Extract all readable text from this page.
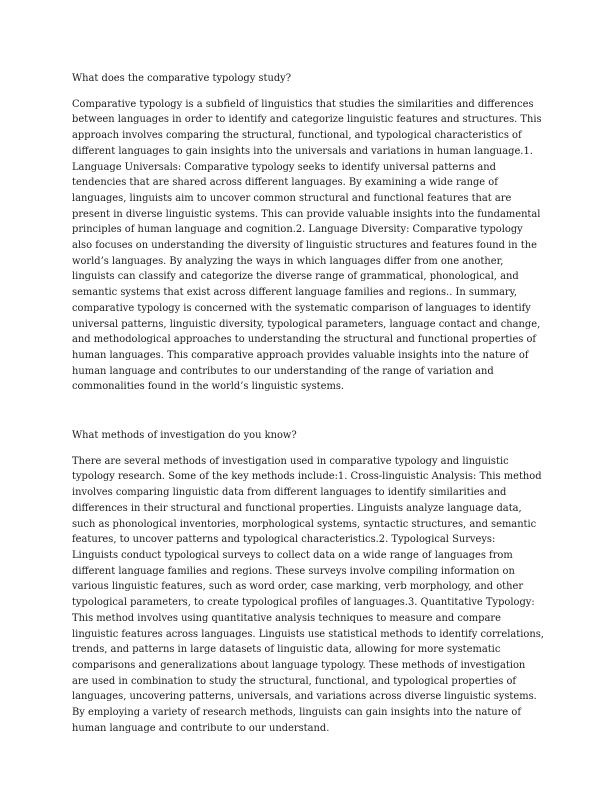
What does the comparative typology study?

Comparative typology is a subfield of linguistics that studies the similarities and differences between languages in order to identify and categorize linguistic features and structures. This approach involves comparing the structural, functional, and typological characteristics of different languages to gain insights into the universals and variations in human language.1. Language Universals: Comparative typology seeks to identify universal patterns and tendencies that are shared across different languages. By examining a wide range of languages, linguists aim to uncover common structural and functional features that are present in diverse linguistic systems. This can provide valuable insights into the fundamental principles of human language and cognition.2. Language Diversity: Comparative typology also focuses on understanding the diversity of linguistic structures and features found in the world’s languages. By analyzing the ways in which languages differ from one another, linguists can classify and categorize the diverse range of grammatical, phonological, and semantic systems that exist across different language families and regions.. In summary, comparative typology is concerned with the systematic comparison of languages to identify universal patterns, linguistic diversity, typological parameters, language contact and change, and methodological approaches to understanding the structural and functional properties of human languages. This comparative approach provides valuable insights into the nature of human language and contributes to our understanding of the range of variation and commonalities found in the world’s linguistic systems.

What methods of investigation do you know?

There are several methods of investigation used in comparative typology and linguistic typology research. Some of the key methods include:1. Cross-linguistic Analysis: This method involves comparing linguistic data from different languages to identify similarities and differences in their structural and functional properties. Linguists analyze language data, such as phonological inventories, morphological systems, syntactic structures, and semantic features, to uncover patterns and typological characteristics.2. Typological Surveys: Linguists conduct typological surveys to collect data on a wide range of languages from different language families and regions. These surveys involve compiling information on various linguistic features, such as word order, case marking, verb morphology, and other typological parameters, to create typological profiles of languages.3. Quantitative Typology: This method involves using quantitative analysis techniques to measure and compare linguistic features across languages. Linguists use statistical methods to identify correlations, trends, and patterns in large datasets of linguistic data, allowing for more systematic comparisons and generalizations about language typology. These methods of investigation are used in combination to study the structural, functional, and typological properties of languages, uncovering patterns, universals, and variations across diverse linguistic systems. By employing a variety of research methods, linguists can gain insights into the nature of human language and contribute to our understand.
